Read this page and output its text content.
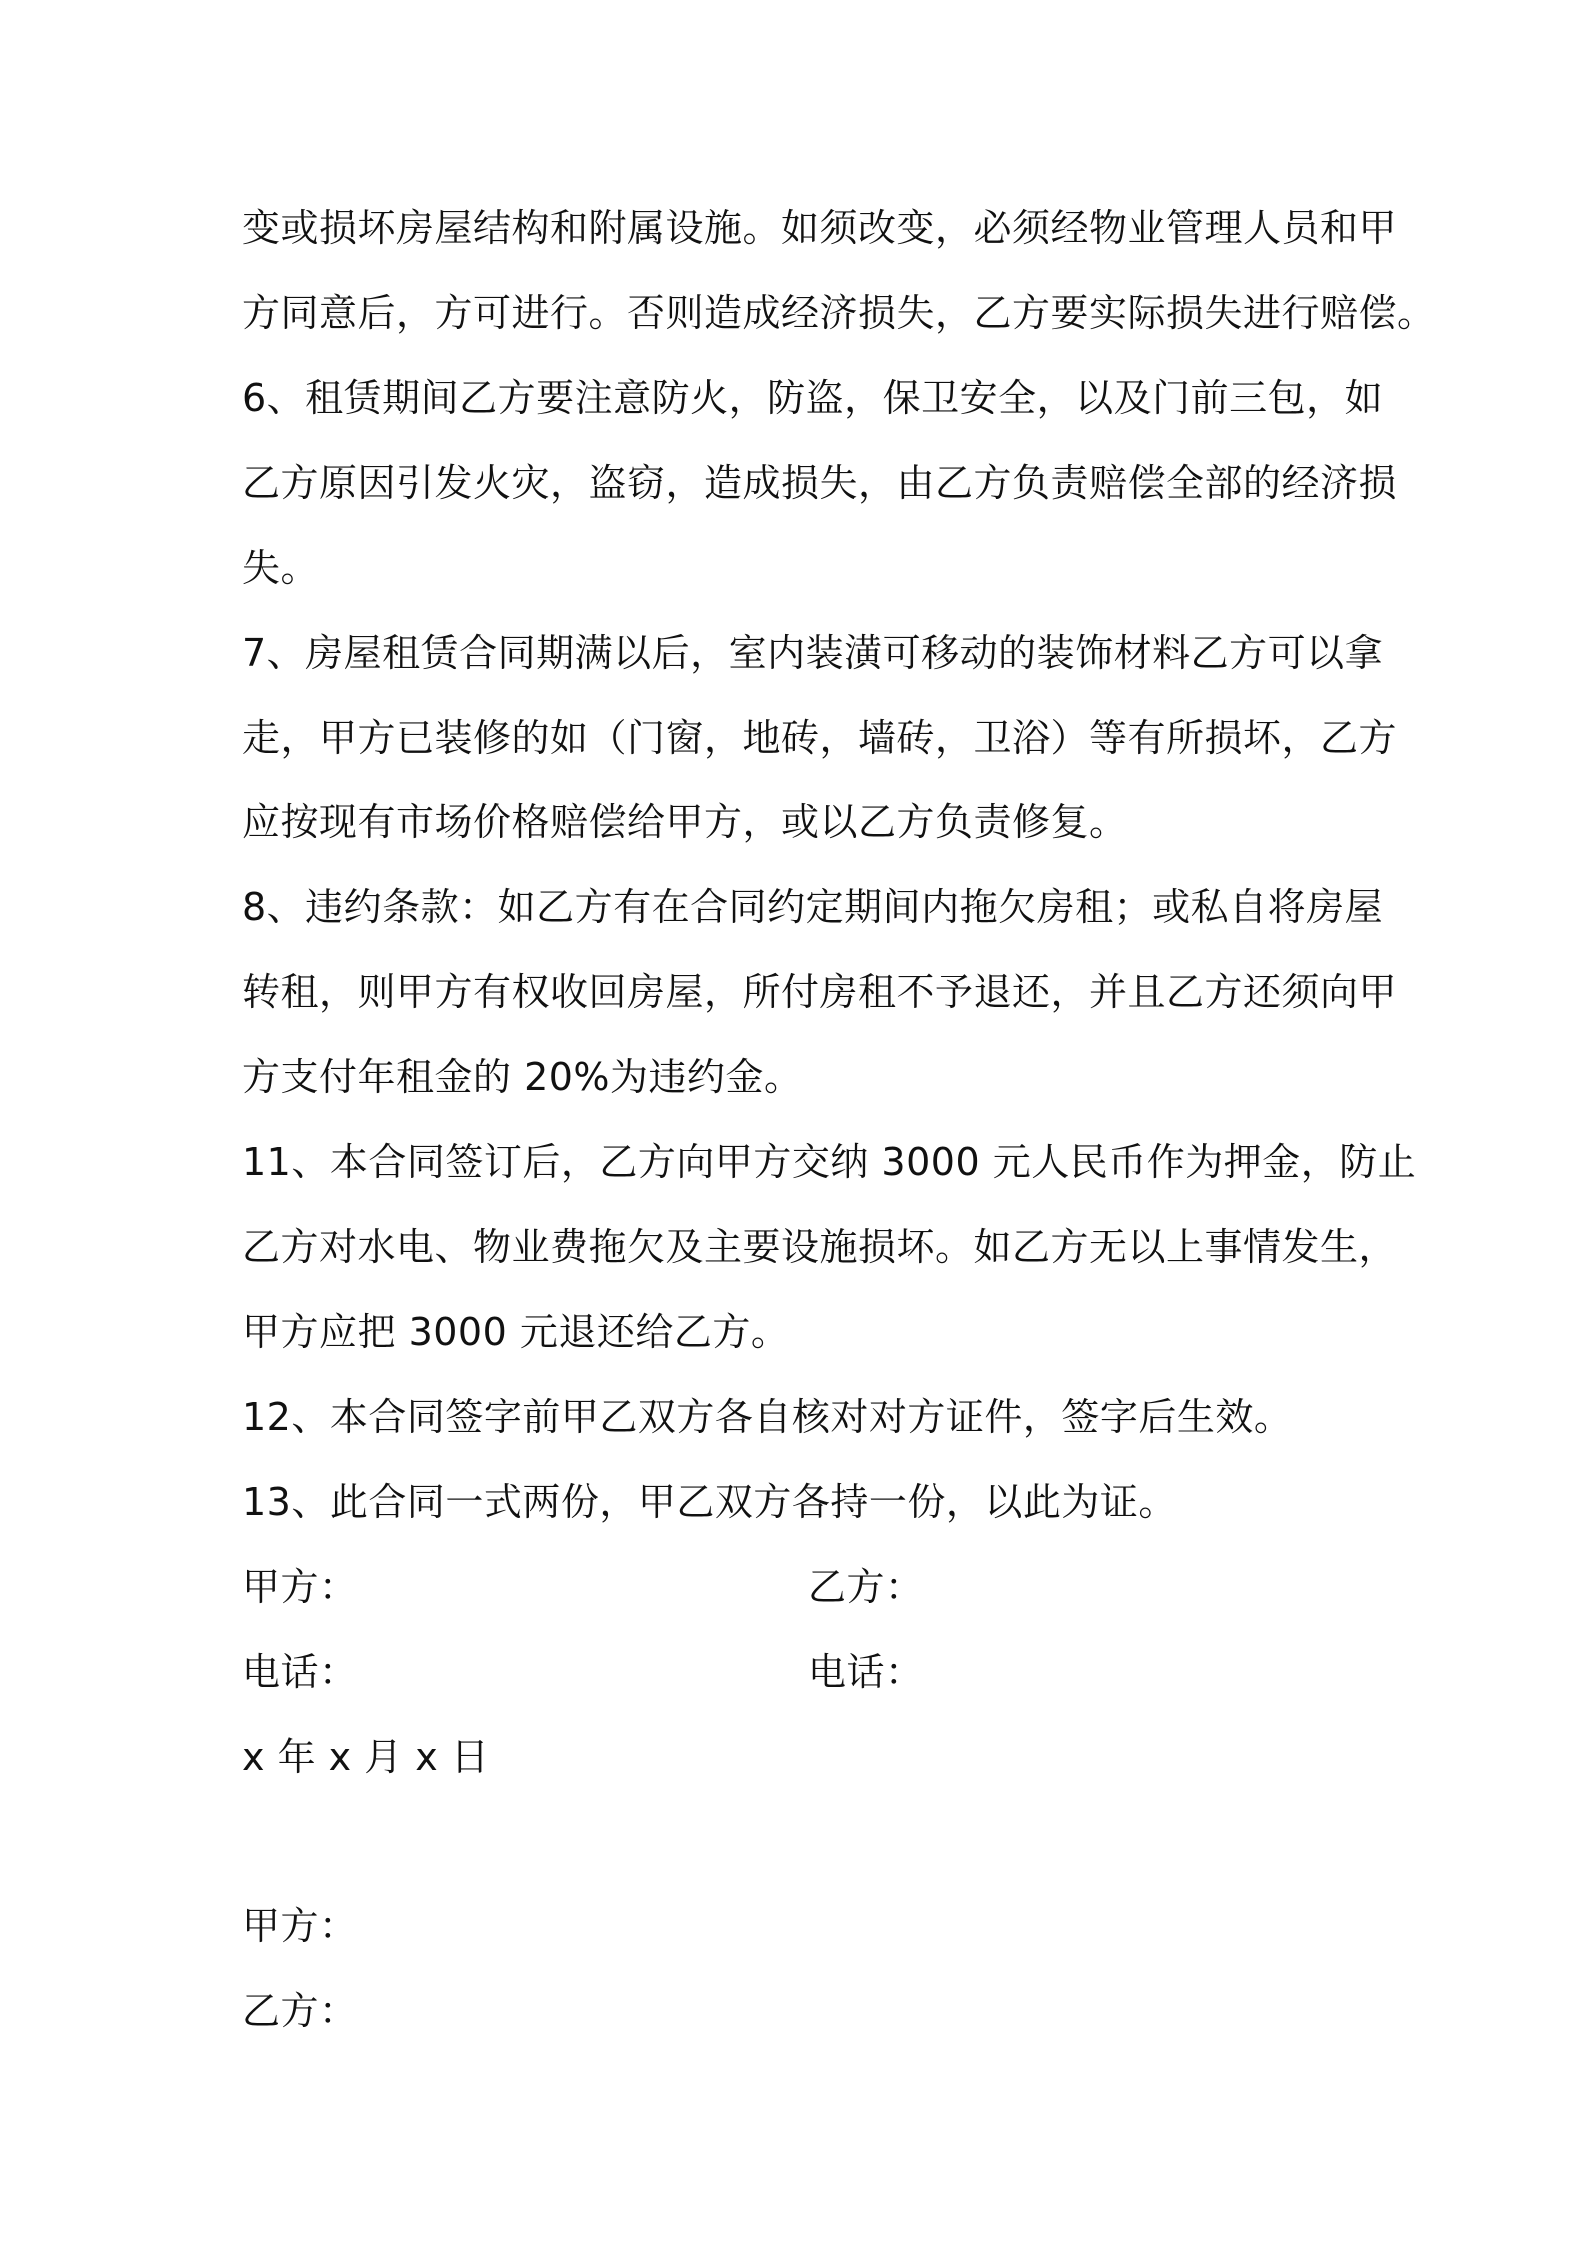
变或损坏房屋结构和附属设施。如须改变，必须经物业管理人员和甲
方同意后，方可进行。否则造成经济损失，乙方要实际损失进行赔偿。
6、租赁期间乙方要注意防火，防盗，保卫安全，以及门前三包，如
乙方原因引发火灾，盗窃，造成损失，由乙方负责赔偿全部的经济损
失。
7、房屋租赁合同期满以后，室内装潢可移动的装饰材料乙方可以拿
走，甲方已装修的如（门窗，地砖，墙砖，卫浴）等有所损坏，乙方
应按现有市场价格赔偿给甲方，或以乙方负责修复。
8、违约条款：如乙方有在合同约定期间内拖欠房租；或私自将房屋
转租，则甲方有权收回房屋，所付房租不予退还，并且乙方还须向甲
方支付年租金的 20%为违约金。
11、本合同签订后，乙方向甲方交纳 3000 元人民币作为押金，防止
乙方对水电、物业费拖欠及主要设施损坏。如乙方无以上事情发生，
甲方应把 3000 元退还给乙方。
12、本合同签字前甲乙双方各自核对对方证件，签字后生效。
13、此合同一式两份，甲乙双方各持一份，以此为证。
甲方：	乙方：
电话：	电话：
x 年 x 月 x 日
甲方：
乙方：
